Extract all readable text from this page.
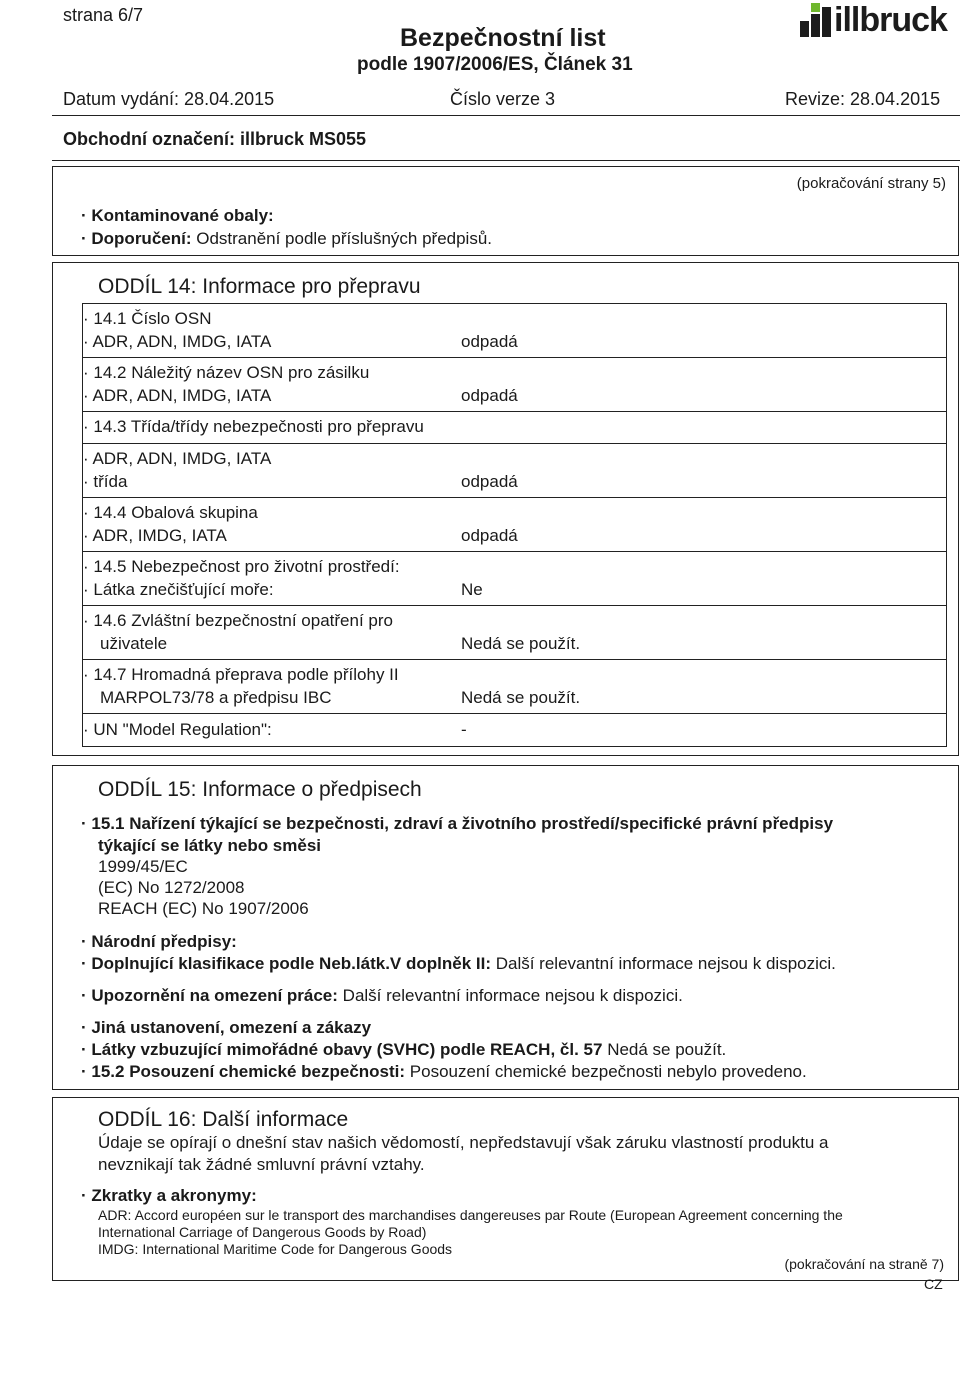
strana 6/7
Bezpečnostní list
podle 1907/2006/ES, Článek 31
illbruck
Datum vydání: 28.04.2015	Číslo verze 3	Revize: 28.04.2015
Obchodní označení: illbruck MS055
(pokračování strany 5)
· Kontaminované obaly:
· Doporučení: Odstranění podle příslušných předpisů.
ODDÍL 14: Informace pro přepravu
· 14.1 Číslo OSN
· ADR, ADN, IMDG, IATA	odpadá
· 14.2 Náležitý název OSN pro zásilku
· ADR, ADN, IMDG, IATA	odpadá
· 14.3 Třída/třídy nebezpečnosti pro přepravu
· ADR, ADN, IMDG, IATA
· třída	odpadá
· 14.4 Obalová skupina
· ADR, IMDG, IATA	odpadá
· 14.5 Nebezpečnost pro životní prostředí:
· Látka znečišťující moře:	Ne
· 14.6 Zvláštní bezpečnostní opatření pro
uživatele	Nedá se použít.
· 14.7 Hromadná přeprava podle přílohy II
MARPOL73/78 a předpisu IBC	Nedá se použít.
· UN "Model Regulation":	-
ODDÍL 15: Informace o předpisech
· 15.1 Nařízení týkající se bezpečnosti, zdraví a životního prostředí/specifické právní předpisy
týkající se látky nebo směsi
1999/45/EC
(EC) No 1272/2008
REACH (EC) No 1907/2006
· Národní předpisy:
· Doplnující klasifikace podle Neb.látk.V doplněk II: Další relevantní informace nejsou k dispozici.
· Upozornění na omezení práce: Další relevantní informace nejsou k dispozici.
· Jiná ustanovení, omezení a zákazy
· Látky vzbuzující mimořádné obavy (SVHC) podle REACH, čl. 57 Nedá se použít.
· 15.2 Posouzení chemické bezpečnosti: Posouzení chemické bezpečnosti nebylo provedeno.
ODDÍL 16: Další informace
Údaje se opírají o dnešní stav našich vědomostí, nepředstavují však záruku vlastností produktu a
nevznikají tak žádné smluvní právní vztahy.
· Zkratky a akronymy:
ADR: Accord européen sur le transport des marchandises dangereuses par Route (European Agreement concerning the
International Carriage of Dangerous Goods by Road)
IMDG: International Maritime Code for Dangerous Goods
(pokračování na straně 7)
CZ
